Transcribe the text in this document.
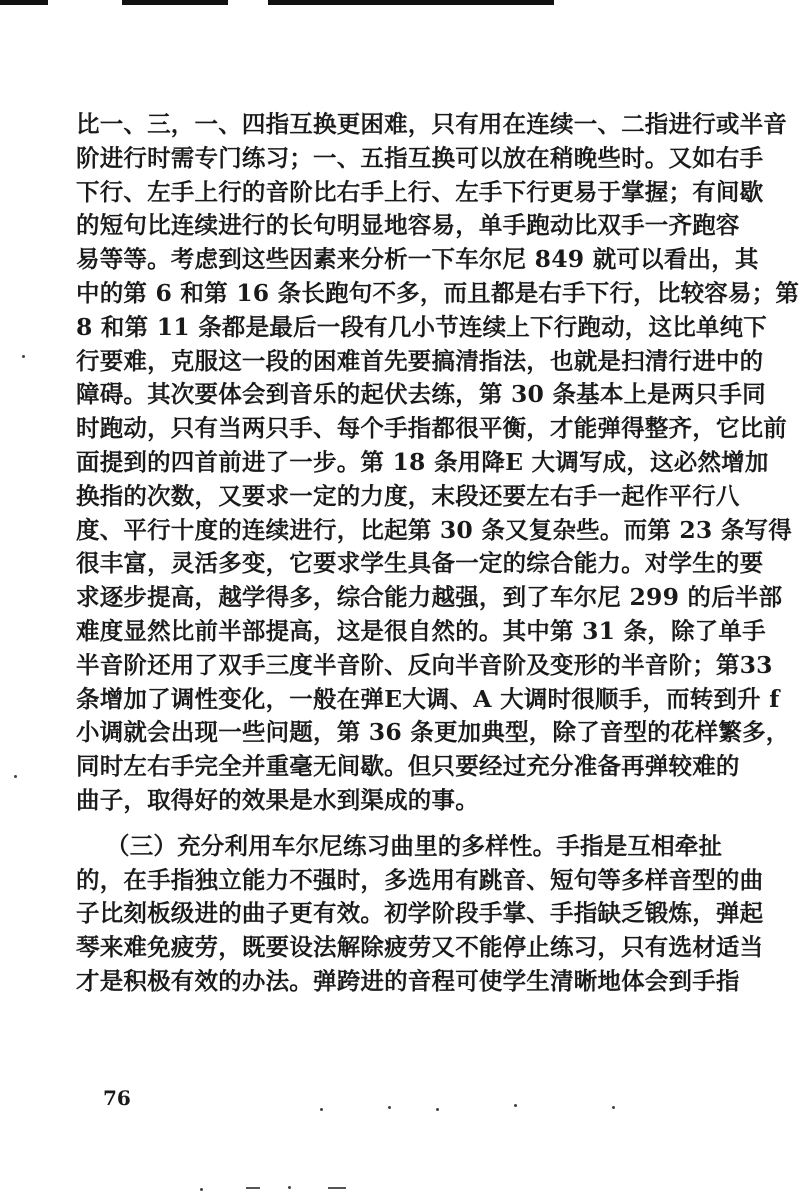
比一、三，一、四指互换更困难，只有用在连续一、二指进行或半音
阶进行时需专门练习；一、五指互换可以放在稍晚些时。又如右手
下行、左手上行的音阶比右手上行、左手下行更易于掌握；有间歇
的短句比连续进行的长句明显地容易，单手跑动比双手一齐跑容
易等等。考虑到这些因素来分析一下车尔尼 849 就可以看出，其
中的第 6 和第 16 条长跑句不多，而且都是右手下行，比较容易；第
8 和第 11 条都是最后一段有几小节连续上下行跑动，这比单纯下
行要难，克服这一段的困难首先要搞清指法，也就是扫清行进中的
障碍。其次要体会到音乐的起伏去练，第 30 条基本上是两只手同
时跑动，只有当两只手、每个手指都很平衡，才能弹得整齐，它比前
面提到的四首前进了一步。第 18 条用降E 大调写成，这必然增加
换指的次数，又要求一定的力度，末段还要左右手一起作平行八
度、平行十度的连续进行，比起第 30 条又复杂些。而第 23 条写得
很丰富，灵活多变，它要求学生具备一定的综合能力。对学生的要
求逐步提高，越学得多，综合能力越强，到了车尔尼 299 的后半部
难度显然比前半部提高，这是很自然的。其中第 31 条，除了单手
半音阶还用了双手三度半音阶、反向半音阶及变形的半音阶；第33
条增加了调性变化，一般在弹E大调、A 大调时很顺手，而转到升 f
小调就会出现一些问题，第 36 条更加典型，除了音型的花样繁多，
同时左右手完全并重毫无间歇。但只要经过充分准备再弹较难的
曲子，取得好的效果是水到渠成的事。
（三）充分利用车尔尼练习曲里的多样性。手指是互相牵扯
的，在手指独立能力不强时，多选用有跳音、短句等多样音型的曲
子比刻板级进的曲子更有效。初学阶段手掌、手指缺乏锻炼，弹起
琴来难免疲劳，既要设法解除疲劳又不能停止练习，只有选材适当
才是积极有效的办法。弹跨进的音程可使学生清晰地体会到手指
76
